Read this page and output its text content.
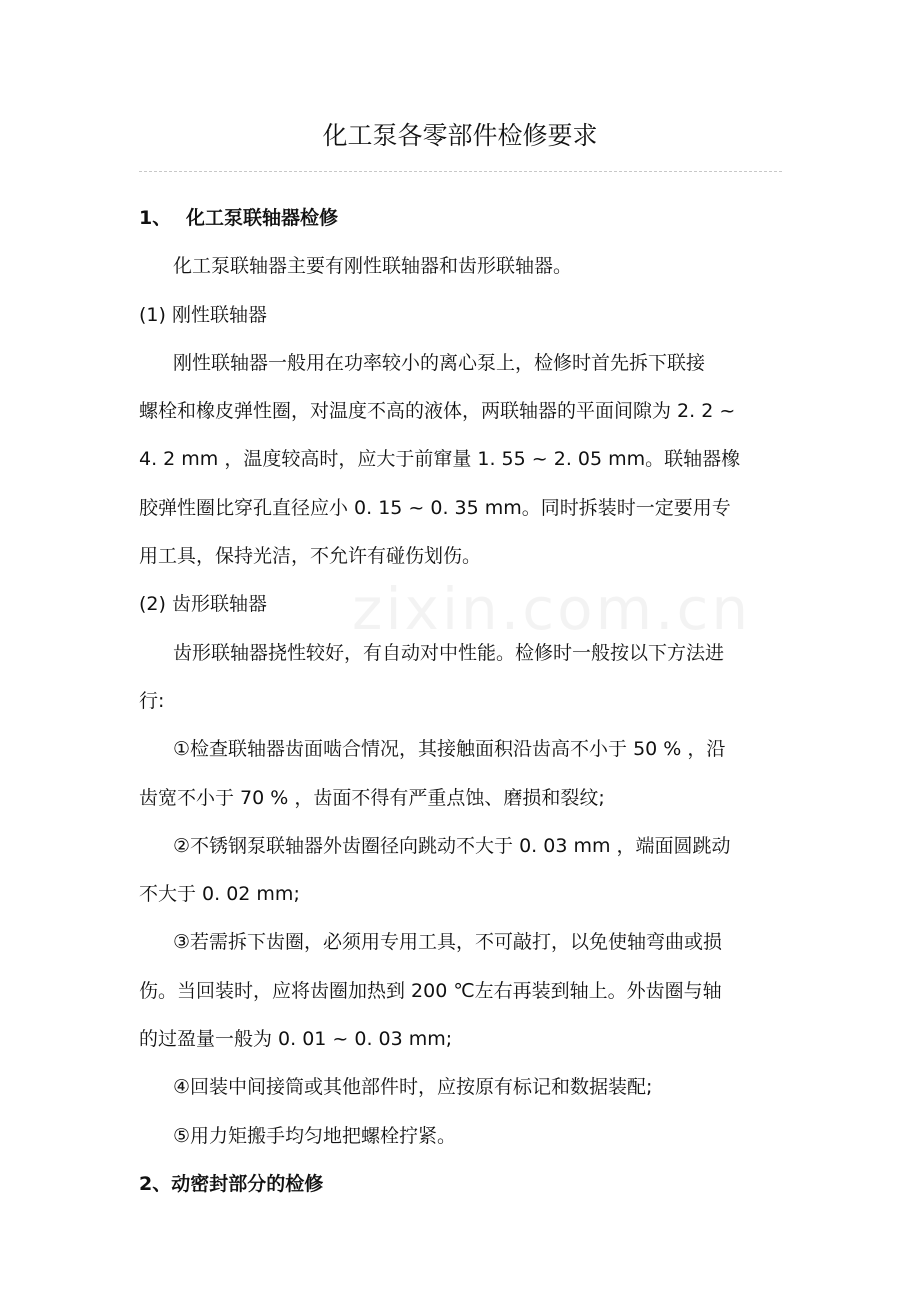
化工泵各零部件检修要求
1、 化工泵联轴器检修
化工泵联轴器主要有刚性联轴器和齿形联轴器。
(1) 刚性联轴器
刚性联轴器一般用在功率较小的离心泵上，检修时首先拆下联接
螺栓和橡皮弹性圈，对温度不高的液体，两联轴器的平面间隙为 2. 2 ~
4. 2 mm ，温度较高时，应大于前窜量 1. 55 ~ 2. 05 mm。联轴器橡
胶弹性圈比穿孔直径应小 0. 15 ~ 0. 35 mm。同时拆装时一定要用专
用工具，保持光洁，不允许有碰伤划伤。
(2) 齿形联轴器
齿形联轴器挠性较好，有自动对中性能。检修时一般按以下方法进
行:
①检查联轴器齿面啮合情况，其接触面积沿齿高不小于 50 % ，沿
齿宽不小于 70 % ，齿面不得有严重点蚀、磨损和裂纹;
②不锈钢泵联轴器外齿圈径向跳动不大于 0. 03 mm ，端面圆跳动
不大于 0. 02 mm;
③若需拆下齿圈，必须用专用工具，不可敲打，以免使轴弯曲或损
伤。当回装时，应将齿圈加热到 200 ℃左右再装到轴上。外齿圈与轴
的过盈量一般为 0. 01 ~ 0. 03 mm;
④回装中间接筒或其他部件时，应按原有标记和数据装配;
⑤用力矩搬手均匀地把螺栓拧紧。
2、动密封部分的检修
